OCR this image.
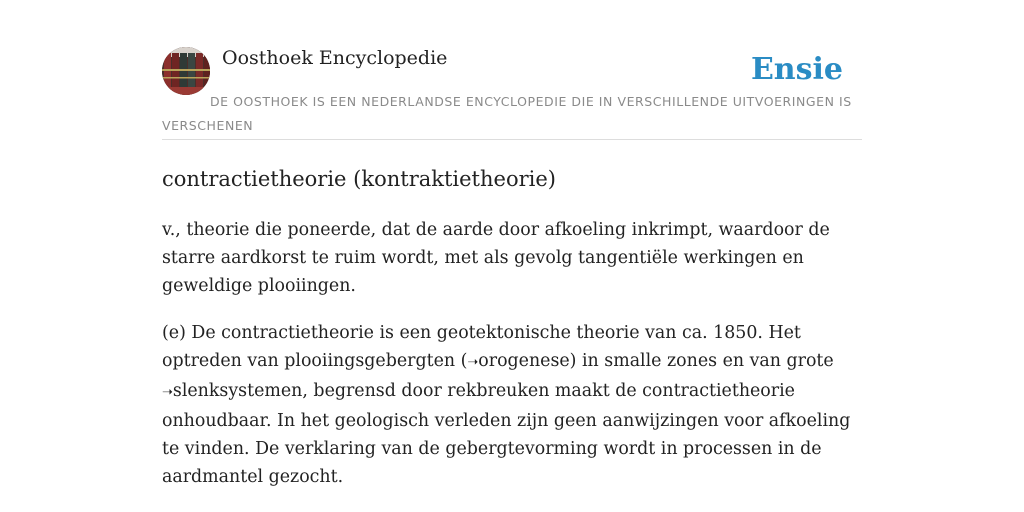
Oosthoek Encyclopedie	Ensie
DE OOSTHOEK IS EEN NEDERLANDSE ENCYCLOPEDIE DIE IN VERSCHILLENDE UITVOERINGEN IS VERSCHENEN
contractietheorie (kontraktietheorie)

v., theorie die poneerde, dat de aarde door afkoeling inkrimpt, waardoor de starre aardkorst te ruim wordt, met als gevolg tangentiële werkingen en geweldige plooiingen.

(e) De contractietheorie is een geotektonische theorie van ca. 1850. Het optreden van plooiingsgebergten (➝orogenese) in smalle zones en van grote ➝slenksystemen, begrensd door rekbreuken maakt de contractietheorie onhoudbaar. In het geologisch verleden zijn geen aanwijzingen voor afkoeling te vinden. De verklaring van de gebergtevorming wordt in processen in de aardmantel gezocht.
